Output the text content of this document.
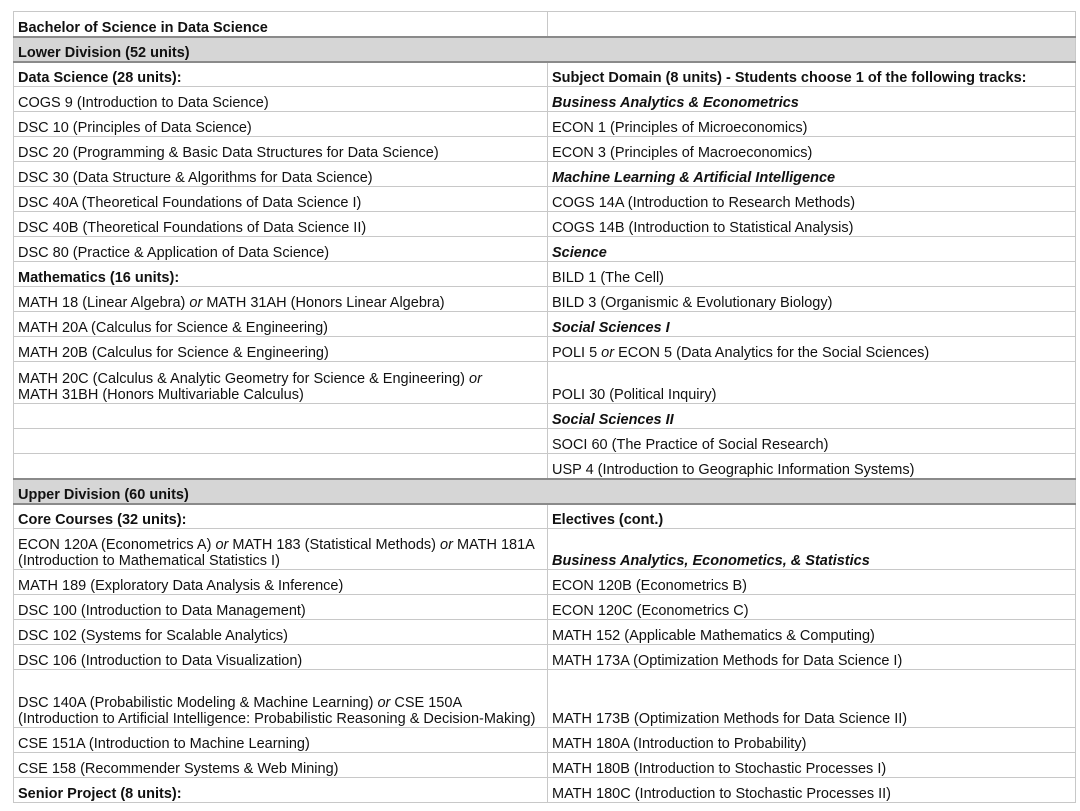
Bachelor of Science in Data Science	
Lower Division (52 units)	
Data Science (28 units):	Subject Domain (8 units) - Students choose 1 of the following tracks:
COGS 9 (Introduction to Data Science)	Business Analytics & Econometrics
DSC 10 (Principles of Data Science)	ECON 1 (Principles of Microeconomics)
DSC 20 (Programming & Basic Data Structures for Data Science)	ECON 3 (Principles of Macroeconomics)
DSC 30 (Data Structure & Algorithms for Data Science)	Machine Learning & Artificial Intelligence
DSC 40A (Theoretical Foundations of Data Science I)	COGS 14A (Introduction to Research Methods)
DSC 40B (Theoretical Foundations of Data Science II)	COGS 14B (Introduction to Statistical Analysis)
DSC 80 (Practice & Application of Data Science)	Science
Mathematics (16 units):	BILD 1 (The Cell)
MATH 18 (Linear Algebra) or MATH 31AH (Honors Linear Algebra)	BILD 3 (Organismic & Evolutionary Biology)
MATH 20A (Calculus for Science & Engineering)	Social Sciences I
MATH 20B (Calculus for Science & Engineering)	POLI 5 or ECON 5 (Data Analytics for the Social Sciences)
MATH 20C (Calculus & Analytic Geometry for Science & Engineering) or
MATH 31BH (Honors Multivariable Calculus)	POLI 30 (Political Inquiry)
	Social Sciences II
	SOCI 60 (The Practice of Social Research)
	USP 4 (Introduction to Geographic Information Systems)
Upper Division (60 units)	
Core Courses (32 units):	Electives (cont.)
ECON 120A (Econometrics A) or MATH 183 (Statistical Methods) or MATH 181A (Introduction to Mathematical Statistics I)	Business Analytics, Econometics, & Statistics
MATH 189 (Exploratory Data Analysis & Inference)	ECON 120B (Econometrics B)
DSC 100 (Introduction to Data Management)	ECON 120C (Econometrics C)
DSC 102 (Systems for Scalable Analytics)	MATH 152 (Applicable Mathematics & Computing)
DSC 106 (Introduction to Data Visualization)	MATH 173A (Optimization Methods for Data Science I)
DSC 140A (Probabilistic Modeling & Machine Learning) or CSE 150A (Introduction to Artificial Intelligence: Probabilistic Reasoning & Decision-Making)	MATH 173B (Optimization Methods for Data Science II)
CSE 151A (Introduction to Machine Learning)	MATH 180A (Introduction to Probability)
CSE 158 (Recommender Systems & Web Mining)	MATH 180B (Introduction to Stochastic Processes I)
Senior Project (8 units):	MATH 180C (Introduction to Stochastic Processes II)
